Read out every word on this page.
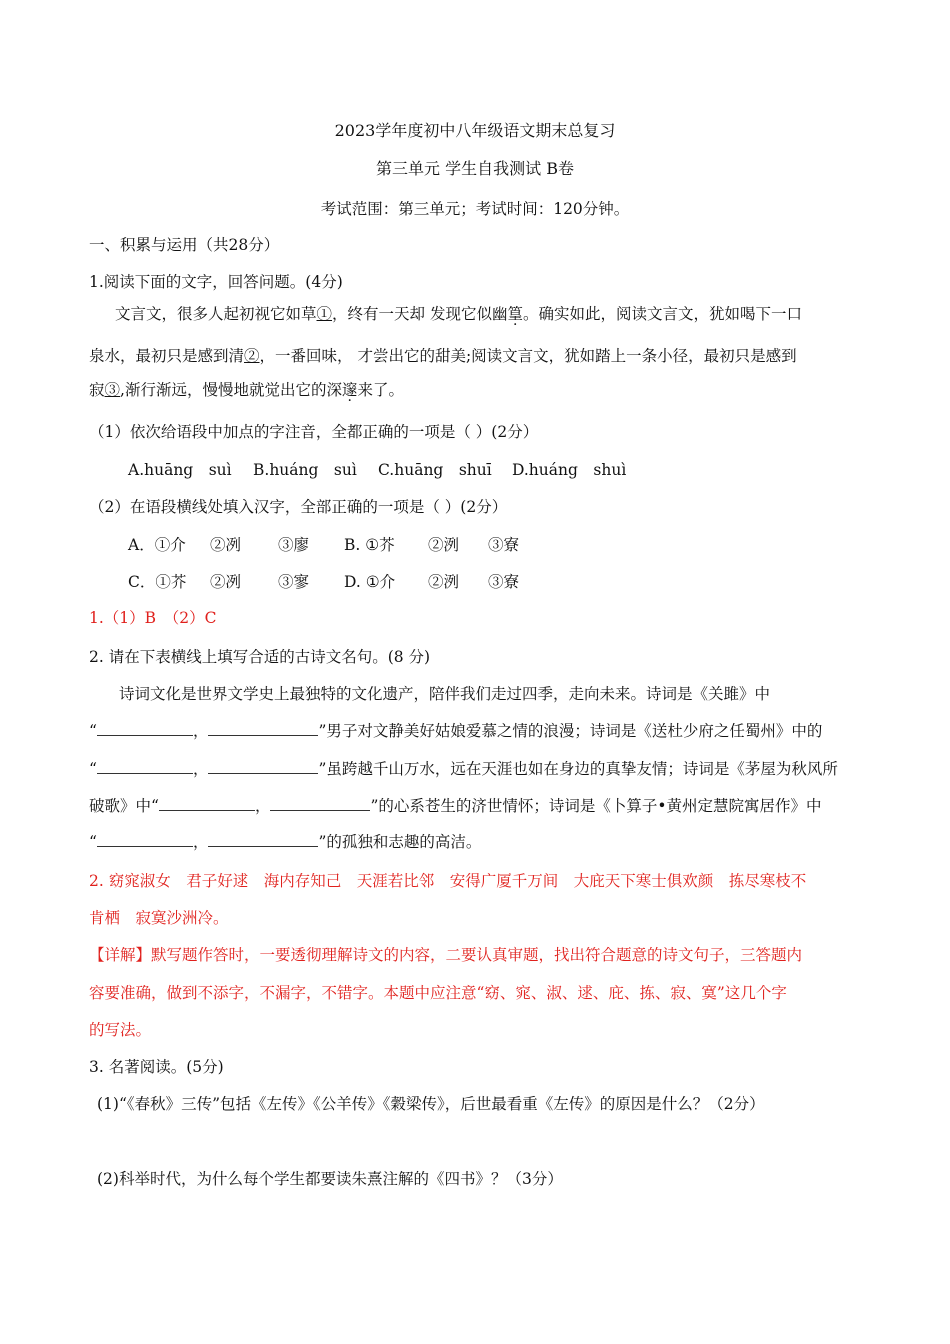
2023学年度初中八年级语文期末总复习
第三单元 学生自我测试 B卷
考试范围：第三单元；考试时间：120分钟。
一、积累与运用（共28分）
1.阅读下面的文字，回答问题。(4分)
文言文，很多人起初视它如草①，终有一天却 发现它似幽篁。确实如此，阅读文言文，犹如喝下一口
泉水，最初只是感到清②，一番回味， 才尝出它的甜美;阅读文言文，犹如踏上一条小径，最初只是感到
寂③,渐行渐远，慢慢地就觉出它的深邃来了。
（1）依次给语段中加点的字注音，全都正确的一项是（ ）(2分）
A.huāng　suì B.huáng　suì C.huāng　shuī D.huáng　shuì
（2）在语段横线处填入汉字，全部正确的一项是（ ）(2分）
A．①介 ②冽 ③廖 B. ①芥 ②洌 ③寮
C．①芥 ②冽 ③寥 D. ①介 ②洌 ③寮
1.（1）B　（2）C
2. 请在下表横线上填写合适的古诗文名句。(8 分)
诗词文化是世界文学史上最独特的文化遗产，陪伴我们走过四季，走向未来。诗词是《关雎》中
“	，	”男子对文静美好姑娘爱慕之情的浪漫；诗词是《送杜少府之任蜀州》中的
“	，	”虽跨越千山万水，远在天涯也如在身边的真挚友情；诗词是《茅屋为秋风所
破歌》中“	，	”的心系苍生的济世情怀；诗词是《卜算子•黄州定慧院寓居作》中
“	，	”的孤独和志趣的高洁。
2. 窈窕淑女　君子好逑　海内存知己　天涯若比邻　安得广厦千万间　大庇天下寒士俱欢颜　拣尽寒枝不
肯栖　寂寞沙洲冷。
【详解】默写题作答时，一要透彻理解诗文的内容，二要认真审题，找出符合题意的诗文句子，三答题内
容要准确，做到不添字，不漏字，不错字。本题中应注意“窈、窕、淑、逑、庇、拣、寂、寞”这几个字
的写法。
3. 名著阅读。(5分)
(1)“《春秋》三传”包括《左传》《公羊传》《穀梁传》，后世最看重《左传》的原因是什么？（2分）
(2)科举时代，为什么每个学生都要读朱熹注解的《四书》？（3分）
